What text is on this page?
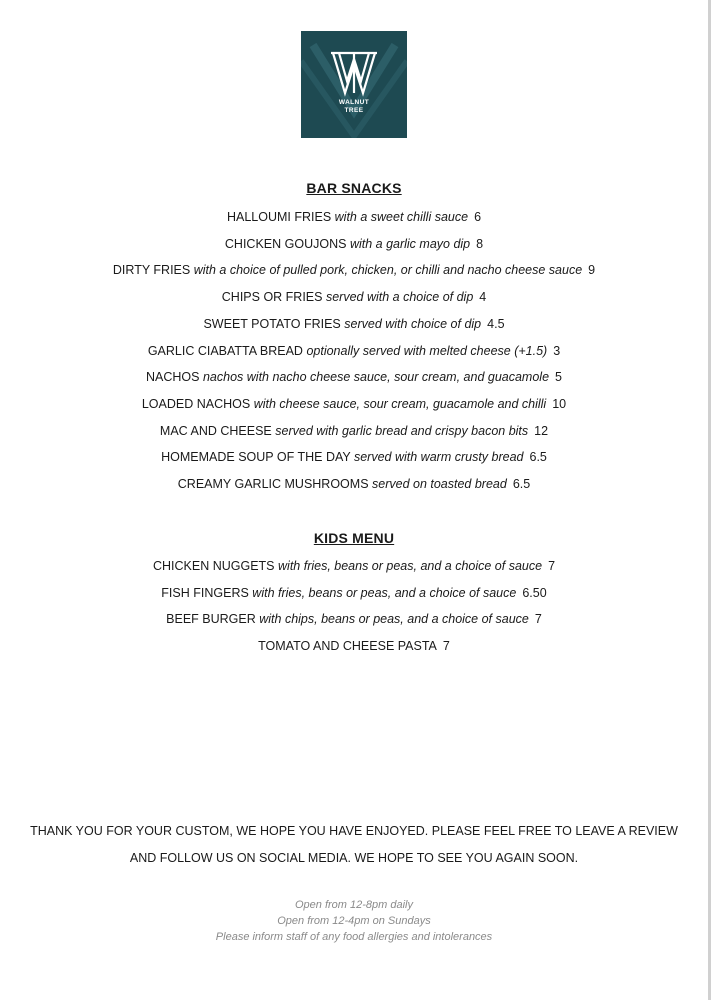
WALNUT
TREE
BAR SNACKS
HALLOUMI FRIES with a sweet chilli sauce 6
CHICKEN GOUJONS with a garlic mayo dip 8
DIRTY FRIES with a choice of pulled pork, chicken, or chilli and nacho cheese sauce 9
CHIPS OR FRIES served with a choice of dip 4
SWEET POTATO FRIES served with choice of dip 4.5
GARLIC CIABATTA BREAD optionally served with melted cheese (+1.5) 3
NACHOS nachos with nacho cheese sauce, sour cream, and guacamole 5
LOADED NACHOS with cheese sauce, sour cream, guacamole and chilli 10
MAC AND CHEESE served with garlic bread and crispy bacon bits 12
HOMEMADE SOUP OF THE DAY served with warm crusty bread 6.5
CREAMY GARLIC MUSHROOMS served on toasted bread 6.5
KIDS MENU
CHICKEN NUGGETS with fries, beans or peas, and a choice of sauce 7
FISH FINGERS with fries, beans or peas, and a choice of sauce 6.50
BEEF BURGER with chips, beans or peas, and a choice of sauce 7
TOMATO AND CHEESE PASTA 7
THANK YOU FOR YOUR CUSTOM, WE HOPE YOU HAVE ENJOYED. PLEASE FEEL FREE TO LEAVE A REVIEW
AND FOLLOW US ON SOCIAL MEDIA. WE HOPE TO SEE YOU AGAIN SOON.
Open from 12-8pm daily
Open from 12-4pm on Sundays
Please inform staff of any food allergies and intolerances
